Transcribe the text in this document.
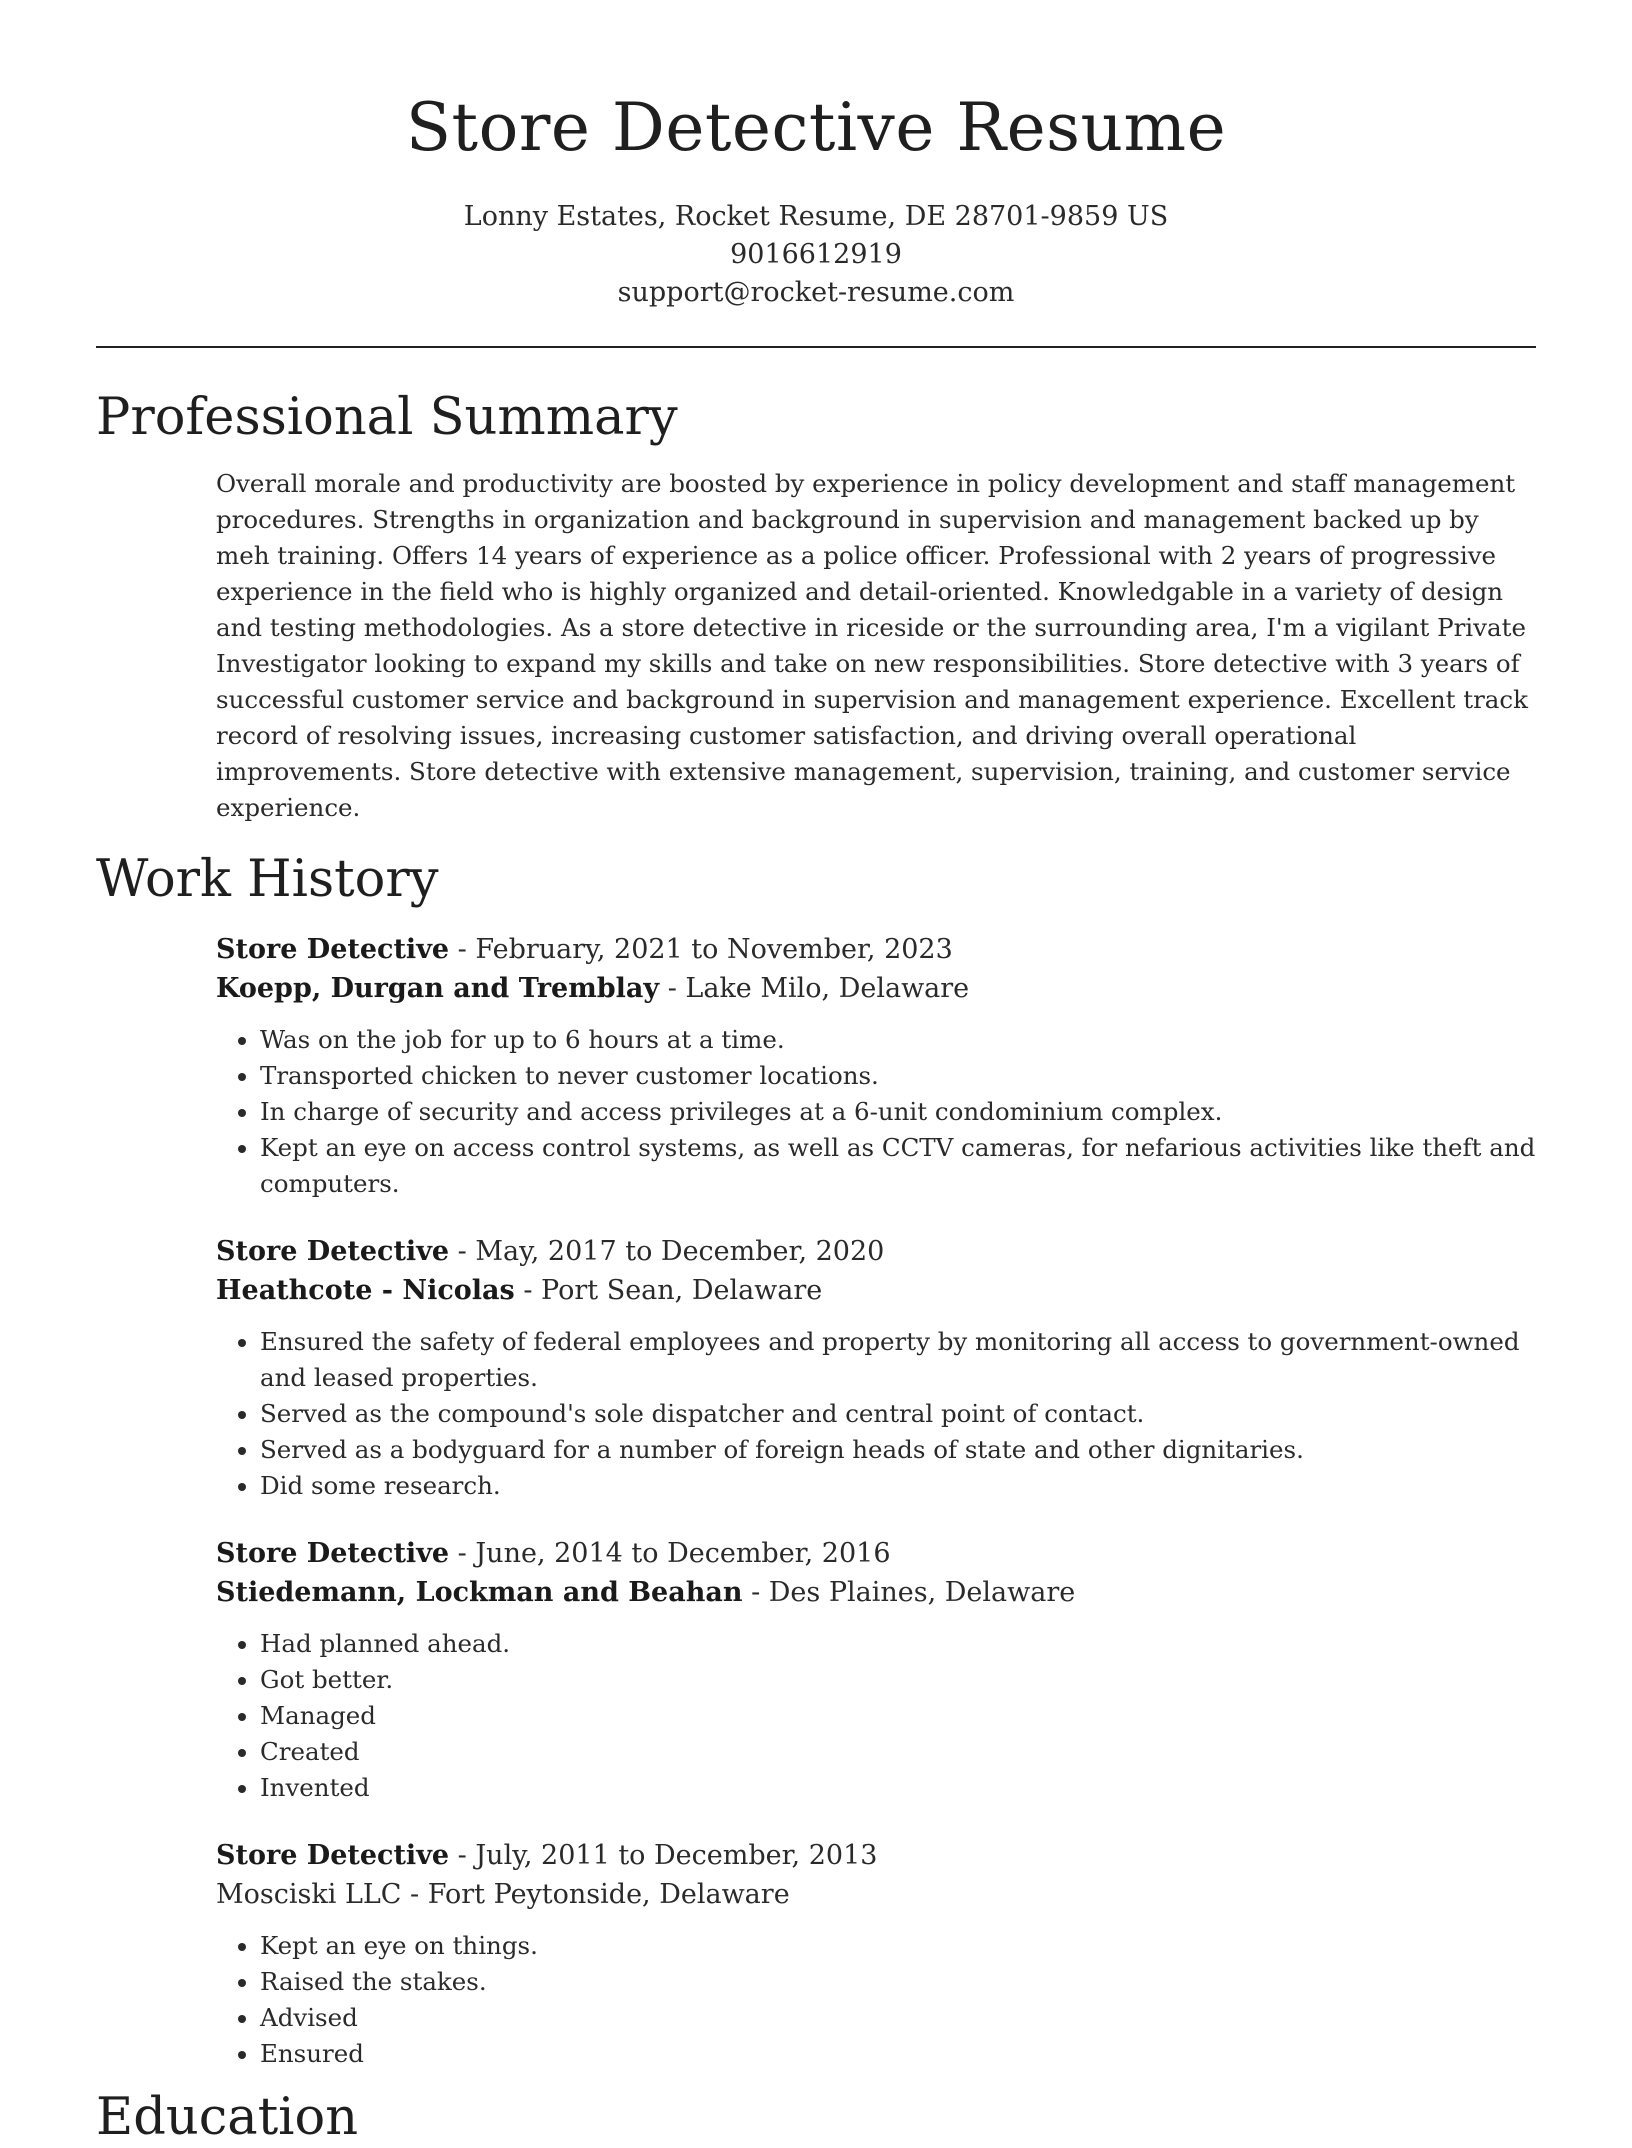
Store Detective Resume
Lonny Estates, Rocket Resume, DE 28701-9859 US
9016612919
support@rocket-resume.com
Professional Summary

Overall morale and productivity are boosted by experience in policy development and staff management procedures. Strengths in organization and background in supervision and management backed up by meh training. Offers 14 years of experience as a police officer. Professional with 2 years of progressive experience in the field who is highly organized and detail-oriented. Knowledgable in a variety of design and testing methodologies. As a store detective in riceside or the surrounding area, I'm a vigilant Private Investigator looking to expand my skills and take on new responsibilities. Store detective with 3 years of successful customer service and background in supervision and management experience. Excellent track record of resolving issues, increasing customer satisfaction, and driving overall operational improvements. Store detective with extensive management, supervision, training, and customer service experience.

Work History
Store Detective - February, 2021 to November, 2023
Koepp, Durgan and Tremblay - Lake Milo, Delaware
• Was on the job for up to 6 hours at a time.
• Transported chicken to never customer locations.
• In charge of security and access privileges at a 6-unit condominium complex.
• Kept an eye on access control systems, as well as CCTV cameras, for nefarious activities like theft and computers.
Store Detective - May, 2017 to December, 2020
Heathcote - Nicolas - Port Sean, Delaware
• Ensured the safety of federal employees and property by monitoring all access to government-owned and leased properties.
• Served as the compound's sole dispatcher and central point of contact.
• Served as a bodyguard for a number of foreign heads of state and other dignitaries.
• Did some research.
Store Detective - June, 2014 to December, 2016
Stiedemann, Lockman and Beahan - Des Plaines, Delaware
• Had planned ahead.
• Got better.
• Managed
• Created
• Invented
Store Detective - July, 2011 to December, 2013
Mosciski LLC - Fort Peytonside, Delaware
• Kept an eye on things.
• Raised the stakes.
• Advised
• Ensured
Education
